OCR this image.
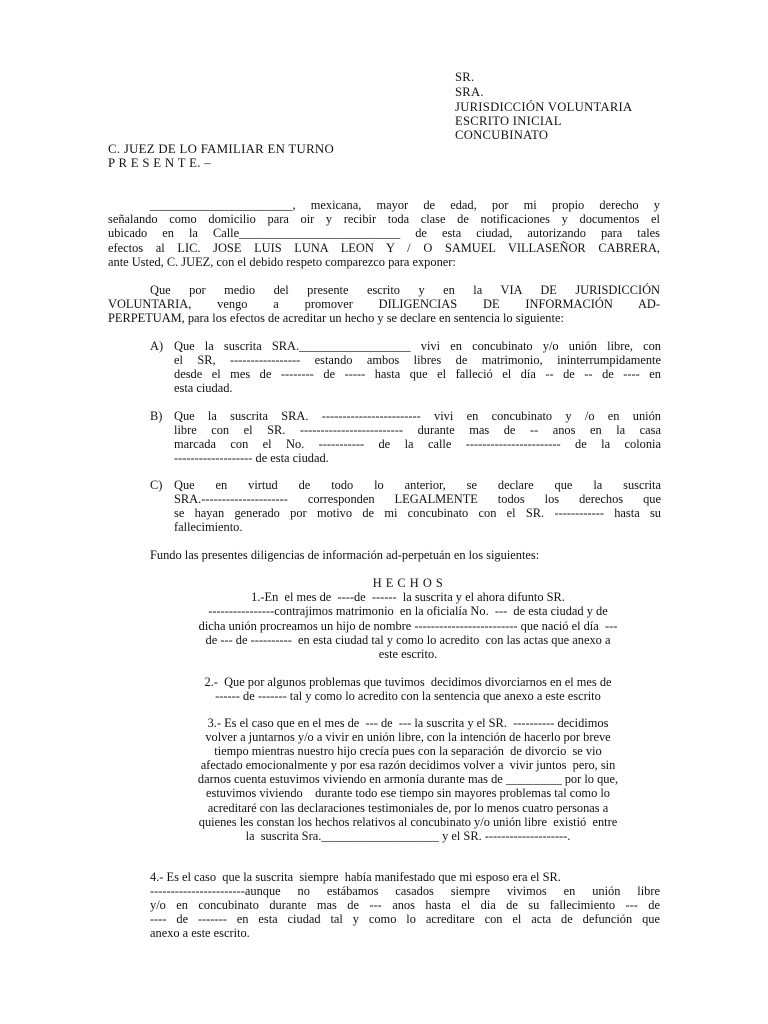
SR.
SRA.
JURISDICCIÓN VOLUNTARIA
ESCRITO INICIAL
CONCUBINATO
C. JUEZ DE LO FAMILIAR EN TURNO
P R E S E N T E. –
_______________________, mexicana, mayor de edad, por mi propio derecho y
señalando como domicilio para oir y recibir toda clase de notificaciones y documentos el
ubicado en la Calle__________________________ de esta ciudad, autorizando para tales
efectos al LIC. JOSE LUIS LUNA LEON Y / O SAMUEL VILLASEÑOR CABRERA,
ante Usted, C. JUEZ, con el debido respeto comparezco para exponer:
Que por medio del presente escrito y en la VIA DE JURISDICCIÓN
VOLUNTARIA, vengo a promover DILIGENCIAS DE INFORMACIÓN AD-
PERPETUAM, para los efectos de acreditar un hecho y se declare en sentencia lo siguiente:
A) Que la suscrita SRA.__________________ vivi en concubinato y/o unión libre, con
el SR, ----------------- estando ambos libres de matrimonio, ininterrumpidamente
desde el mes de -------- de ----- hasta que el falleció el día -- de -- de ---- en
esta ciudad.
B) Que la suscrita SRA. ------------------------ vivi en concubinato y /o en unión
libre con el SR. ------------------------- durante mas de -- anos en la casa
marcada con el No. ----------- de la calle ----------------------- de la colonia
------------------- de esta ciudad.
C) Que en virtud de todo lo anterior, se declare que la suscrita
SRA.--------------------- corresponden LEGALMENTE todos los derechos que
se hayan generado por motivo de mi concubinato con el SR. ------------ hasta su
fallecimiento.
Fundo las presentes diligencias de información ad-perpetuán en los siguientes:
H E C H O S
1.-En  el mes de  ----de  ------  la suscrita y el ahora difunto SR.
----------------contrajimos matrimonio  en la oficialía No.  ---  de esta ciudad y de
dicha unión procreamos un hijo de nombre ------------------------- que nació el día  ---
de --- de ----------  en esta ciudad tal y como lo acredito  con las actas que anexo a
este escrito.
2.-  Que por algunos problemas que tuvimos  decidimos divorciarnos en el mes de
------ de ------- tal y como lo acredito con la sentencia que anexo a este escrito
3.- Es el caso que en el mes de  --- de  --- la suscrita y el SR.  ---------- decidimos
volver a juntarnos y/o a vivir en unión libre, con la intención de hacerlo por breve
tiempo mientras nuestro hijo crecía pues con la separación  de divorcio  se vio
afectado emocionalmente y por esa razón decidimos volver a  vivir juntos  pero, sin
darnos cuenta estuvimos viviendo en armonía durante mas de _________ por lo que,
estuvimos viviendo    durante todo ese tiempo sin mayores problemas tal como lo
acreditaré con las declaraciones testimoniales de, por lo menos cuatro personas a
quienes les constan los hechos relativos al concubinato y/o unión libre  existió  entre
la  suscrita Sra.___________________ y el SR. --------------------.
4.- Es el caso  que la suscrita  siempre  había manifestado que mi esposo era el SR.
-----------------------aunque no estábamos casados siempre vivimos en unión libre
y/o en concubinato durante mas de --- anos hasta el dia de su fallecimiento --- de
---- de ------- en esta ciudad tal y como lo acreditare con el acta de defunción que
anexo a este escrito.
